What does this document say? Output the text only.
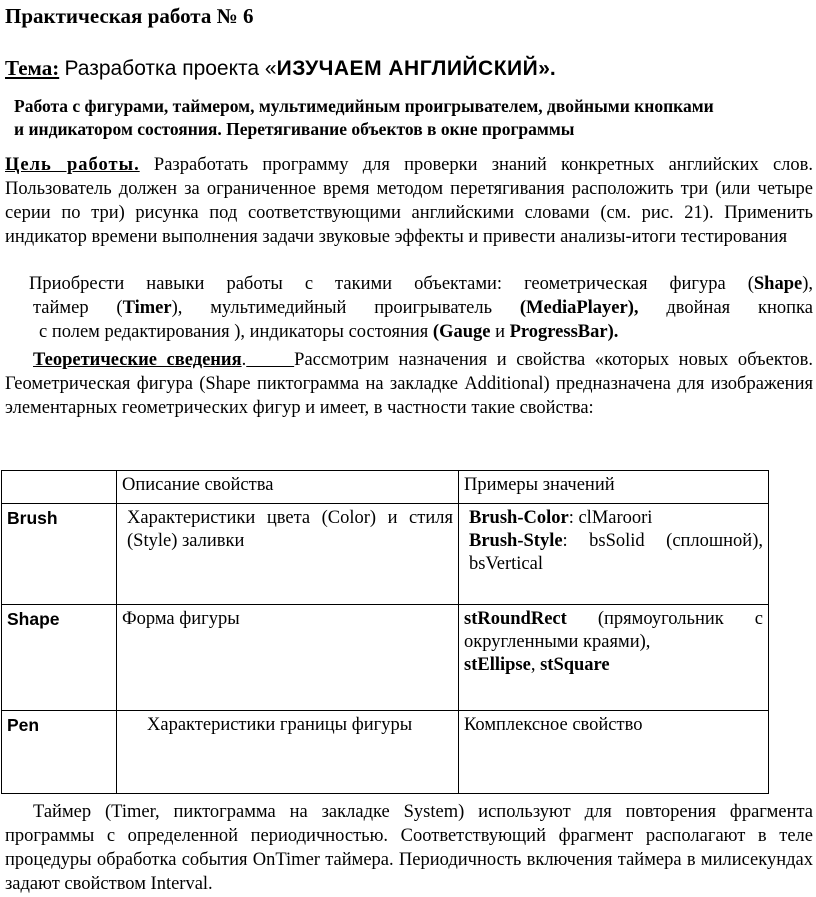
Практическая работа № 6
Тема: Разработка проекта «ИЗУЧАЕМ АНГЛИЙСКИЙ».
Работа с фигурами, таймером, мультимедийным проигрывателем, двойными кнопками
и индикатором состояния. Перетягивание объектов в окне программы
Цель работы. Разработать программу для проверки знаний конкретных английских слов. Пользователь должен за ограниченное время методом перетягивания расположить три (или четыре серии по три) рисунка под соответствующими английскими словами (см. рис. 21). Применить индикатор времени выполнения задачи звуковые эффекты и привести анализы-итоги тестирования

Приобрести навыки работы с такими объектами: геометрическая фигура (Shape),

таймер (Timer), мультимедийный проигрыватель (MediaPlayer), двойная кнопка

с полем редактирования ), индикаторы состояния (Gauge и ProgressBar).

Теоретические сведения.	Рассмотрим назначения и свойства «которых новых объектов. Геометрическая фигура (Shape пиктограмма на закладке Additional) предназначена для изображения элементарных геометрических фигур и имеет, в частности такие свойства:
	Описание свойства	Примеры значений
Brush	Характеристики цвета (Color) и стиля (Style) заливки	Brush-Color: clMaroori
Brush-Style: bsSolid (сплошной), bsVertical
Shape	Форма фигуры	stRoundRect (прямоугольник с округленными краями),
stEllipse, stSquare
Pen	Характеристики границы фигуры	Комплексное свойство
Таймер (Timer, пиктограмма на закладке System) используют для повторения фрагмента программы с определенной периодичностью. Соответствующий фрагмент располагают в теле процедуры обработка события OnTimer таймера. Периодичность включения таймера в милисекундах задают свойством Interval.
